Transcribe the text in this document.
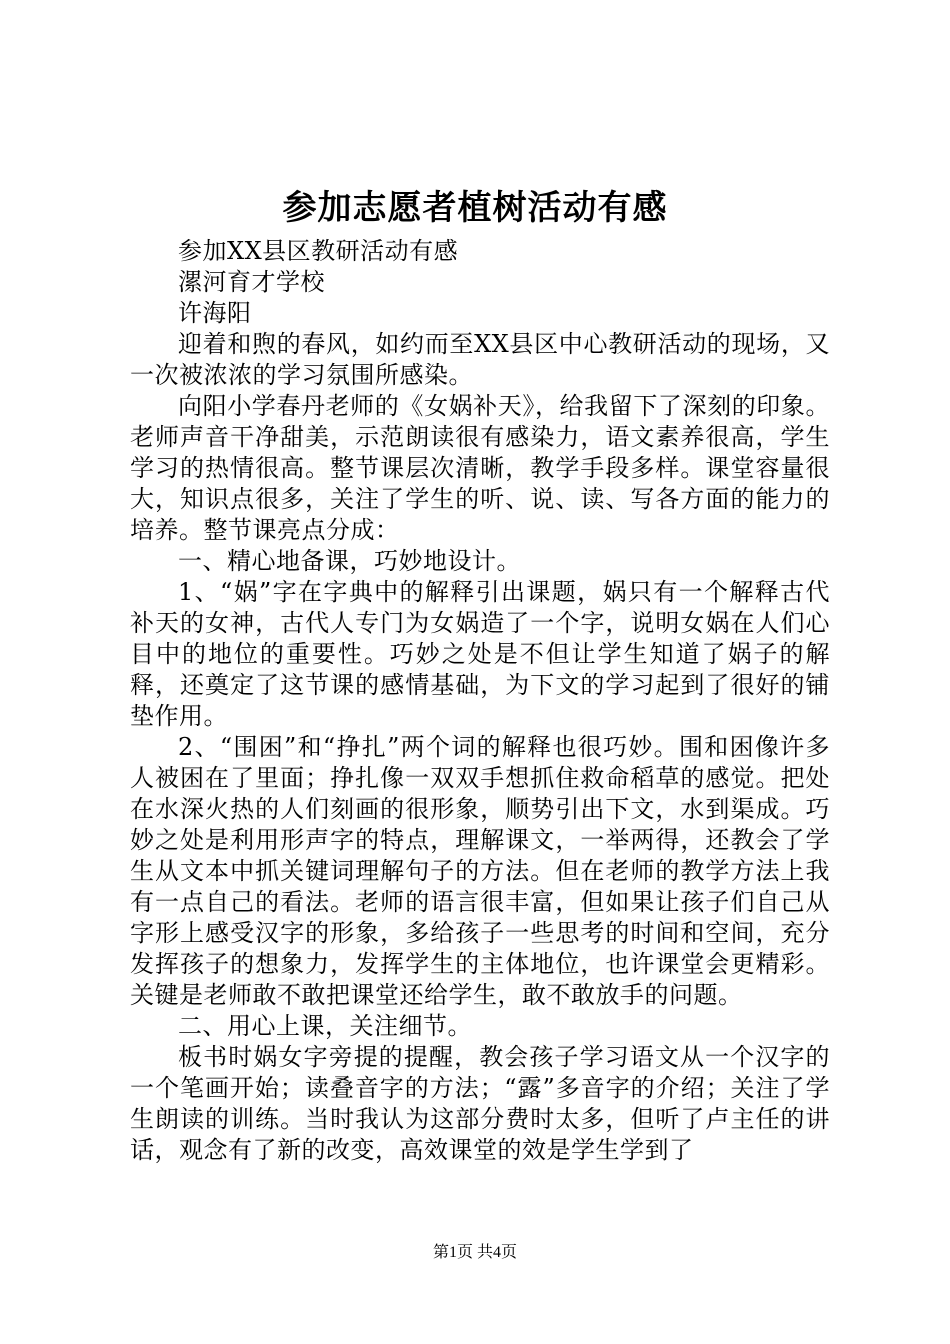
参加志愿者植树活动有感

参加XX县区教研活动有感

漯河育才学校

许海阳

迎着和煦的春风，如约而至XX县区中心教研活动的现场，又一次被浓浓的学习氛围所感染。

向阳小学春丹老师的《女娲补天》，给我留下了深刻的印象。老师声音干净甜美，示范朗读很有感染力，语文素养很高，学生学习的热情很高。整节课层次清晰，教学手段多样。课堂容量很大，知识点很多，关注了学生的听、说、读、写各方面的能力的培养。整节课亮点分成：

一、精心地备课，巧妙地设计。

1、“娲”字在字典中的解释引出课题，娲只有一个解释古代补天的女神，古代人专门为女娲造了一个字，说明女娲在人们心目中的地位的重要性。巧妙之处是不但让学生知道了娲子的解释，还奠定了这节课的感情基础，为下文的学习起到了很好的铺垫作用。

2、“围困”和“挣扎”两个词的解释也很巧妙。围和困像许多人被困在了里面；挣扎像一双双手想抓住救命稻草的感觉。把处在水深火热的人们刻画的很形象，顺势引出下文，水到渠成。巧妙之处是利用形声字的特点，理解课文，一举两得，还教会了学生从文本中抓关键词理解句子的方法。但在老师的教学方法上我有一点自己的看法。老师的语言很丰富，但如果让孩子们自己从字形上感受汉字的形象，多给孩子一些思考的时间和空间，充分发挥孩子的想象力，发挥学生的主体地位，也许课堂会更精彩。关键是老师敢不敢把课堂还给学生，敢不敢放手的问题。

二、用心上课，关注细节。

板书时娲女字旁提的提醒，教会孩子学习语文从一个汉字的一个笔画开始；读叠音字的方法；“露”多音字的介绍；关注了学生朗读的训练。当时我认为这部分费时太多，但听了卢主任的讲话，观念有了新的改变，高效课堂的效是学生学到了

第1页 共4页
